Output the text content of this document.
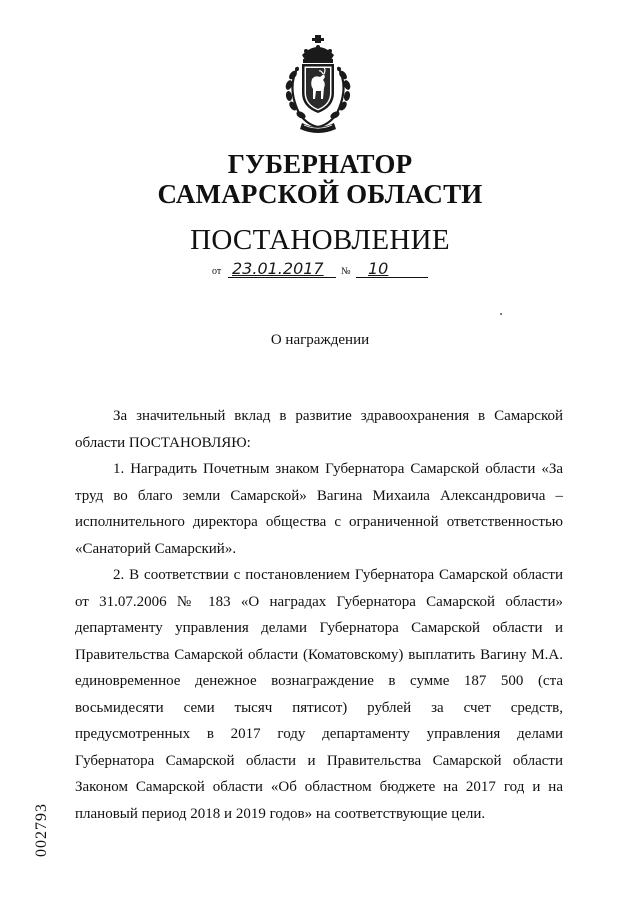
ГУБЕРНАТОР
САМАРСКОЙ ОБЛАСТИ
ПОСТАНОВЛЕНИЕ
от 23.01.2017 № 10
О награждении

За значительный вклад в развитие здравоохранения в Самарской области ПОСТАНОВЛЯЮ:

1. Наградить Почетным знаком Губернатора Самарской области «За труд во благо земли Самарской» Вагина Михаила Александровича – исполнительного директора общества с ограниченной ответственностью «Санаторий Самарский».

2. В соответствии с постановлением Губернатора Самарской области от 31.07.2006 № 183 «О наградах Губернатора Самарской области» департаменту управления делами Губернатора Самарской области и Правительства Самарской области (Коматовскому) выплатить Вагину М.А. единовременное денежное вознаграждение в сумме 187 500 (ста восьмидесяти семи тысяч пятисот) рублей за счет средств, предусмотренных в 2017 году департаменту управления делами Губернатора Самарской области и Правительства Самарской области Законом Самарской области «Об областном бюджете на 2017 год и на плановый период 2018 и 2019 годов» на соответствующие цели.

002793
